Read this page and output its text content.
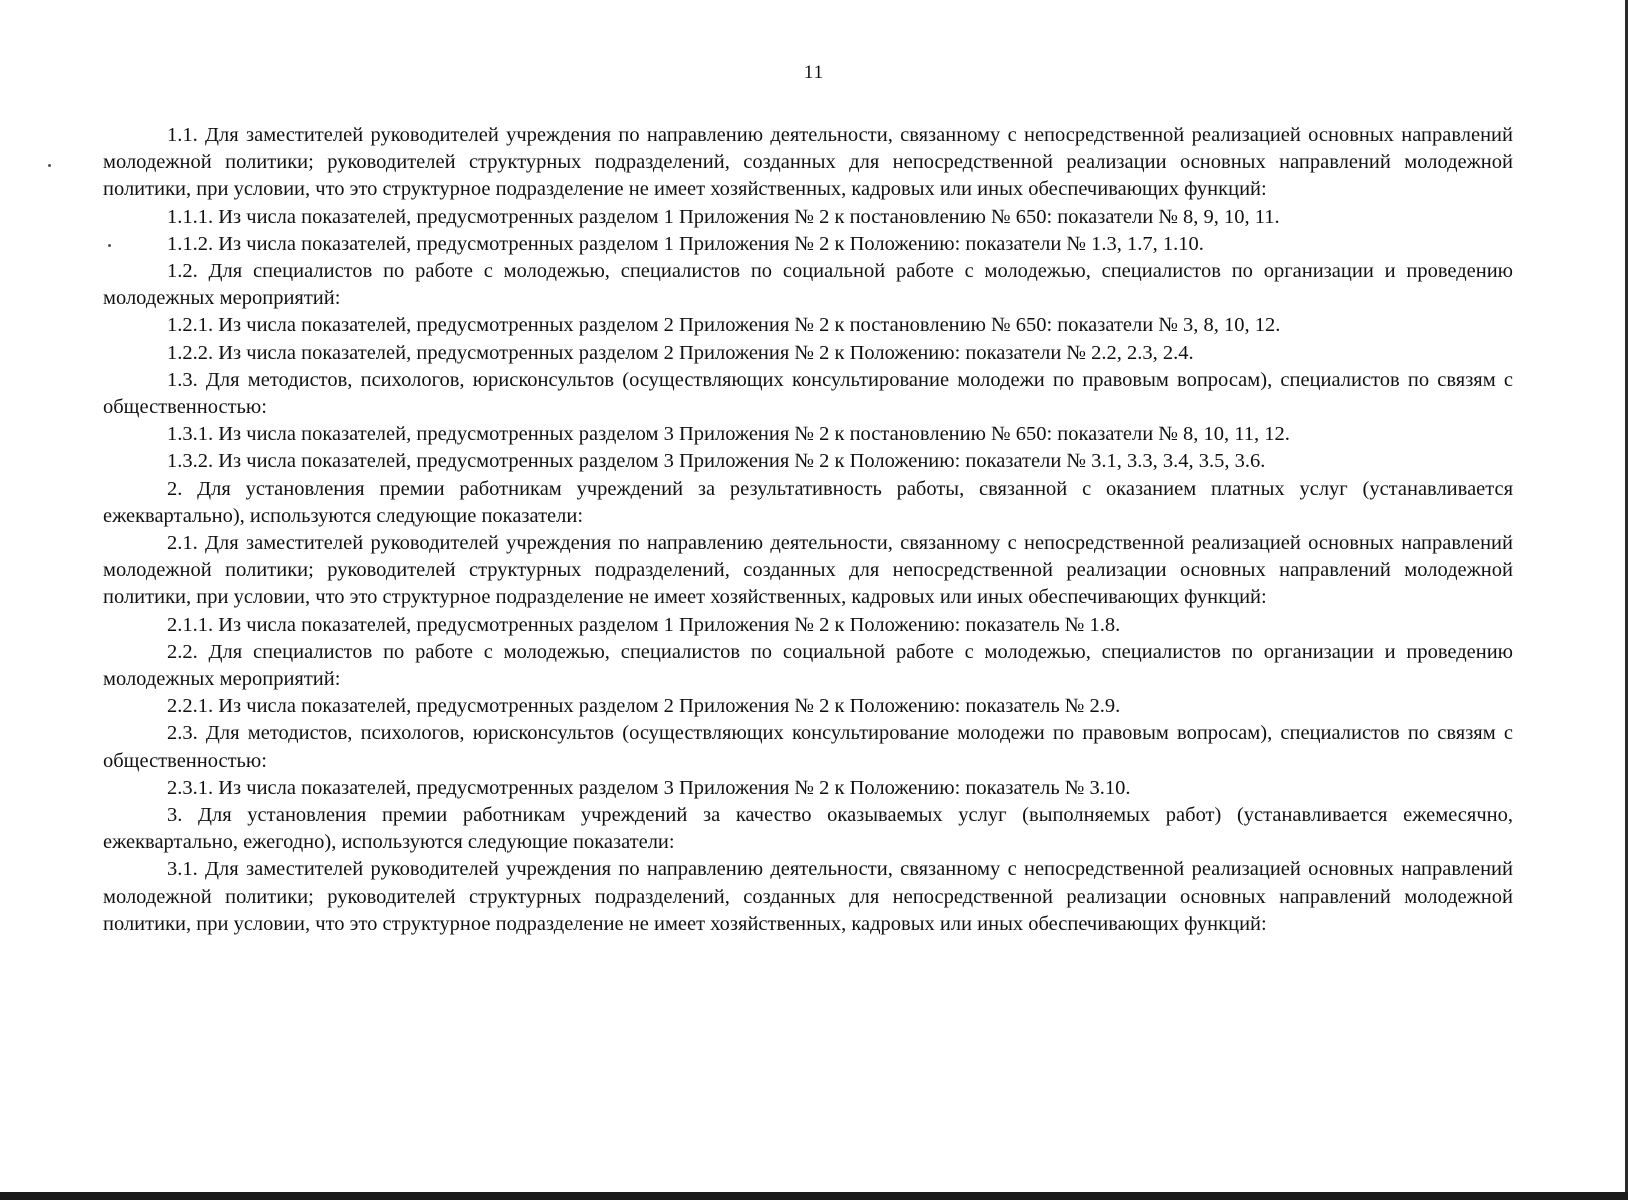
11

1.1. Для заместителей руководителей учреждения по направлению деятельности, связанному с непосредственной реализацией основных направлений молодежной политики; руководителей структурных подразделений, созданных для непосредственной реализации основных направлений молодежной политики, при условии, что это структурное подразделение не имеет хозяйственных, кадровых или иных обеспечивающих функций:

1.1.1. Из числа показателей, предусмотренных разделом 1 Приложения № 2 к постановлению № 650: показатели № 8, 9, 10, 11.

1.1.2. Из числа показателей, предусмотренных разделом 1 Приложения № 2 к Положению: показатели № 1.3, 1.7, 1.10.

1.2. Для специалистов по работе с молодежью, специалистов по социальной работе с молодежью, специалистов по организации и проведению молодежных мероприятий:

1.2.1. Из числа показателей, предусмотренных разделом 2 Приложения № 2 к постановлению № 650: показатели № 3, 8, 10, 12.

1.2.2. Из числа показателей, предусмотренных разделом 2 Приложения № 2 к Положению: показатели № 2.2, 2.3, 2.4.

1.3. Для методистов, психологов, юрисконсультов (осуществляющих консультирование молодежи по правовым вопросам), специалистов по связям с общественностью:

1.3.1. Из числа показателей, предусмотренных разделом 3 Приложения № 2 к постановлению № 650: показатели № 8, 10, 11, 12.

1.3.2. Из числа показателей, предусмотренных разделом 3 Приложения № 2 к Положению: показатели № 3.1, 3.3, 3.4, 3.5, 3.6.

2. Для установления премии работникам учреждений за результативность работы, связанной с оказанием платных услуг (устанавливается ежеквартально), используются следующие показатели:

2.1. Для заместителей руководителей учреждения по направлению деятельности, связанному с непосредственной реализацией основных направлений молодежной политики; руководителей структурных подразделений, созданных для непосредственной реализации основных направлений молодежной политики, при условии, что это структурное подразделение не имеет хозяйственных, кадровых или иных обеспечивающих функций:

2.1.1. Из числа показателей, предусмотренных разделом 1 Приложения № 2 к Положению: показатель № 1.8.

2.2. Для специалистов по работе с молодежью, специалистов по социальной работе с молодежью, специалистов по организации и проведению молодежных мероприятий:

2.2.1. Из числа показателей, предусмотренных разделом 2 Приложения № 2 к Положению: показатель № 2.9.

2.3. Для методистов, психологов, юрисконсультов (осуществляющих консультирование молодежи по правовым вопросам), специалистов по связям с общественностью:

2.3.1. Из числа показателей, предусмотренных разделом 3 Приложения № 2 к Положению: показатель № 3.10.

3. Для установления премии работникам учреждений за качество оказываемых услуг (выполняемых работ) (устанавливается ежемесячно, ежеквартально, ежегодно), используются следующие показатели:

3.1. Для заместителей руководителей учреждения по направлению деятельности, связанному с непосредственной реализацией основных направлений молодежной политики; руководителей структурных подразделений, созданных для непосредственной реализации основных направлений молодежной политики, при условии, что это структурное подразделение не имеет хозяйственных, кадровых или иных обеспечивающих функций:
